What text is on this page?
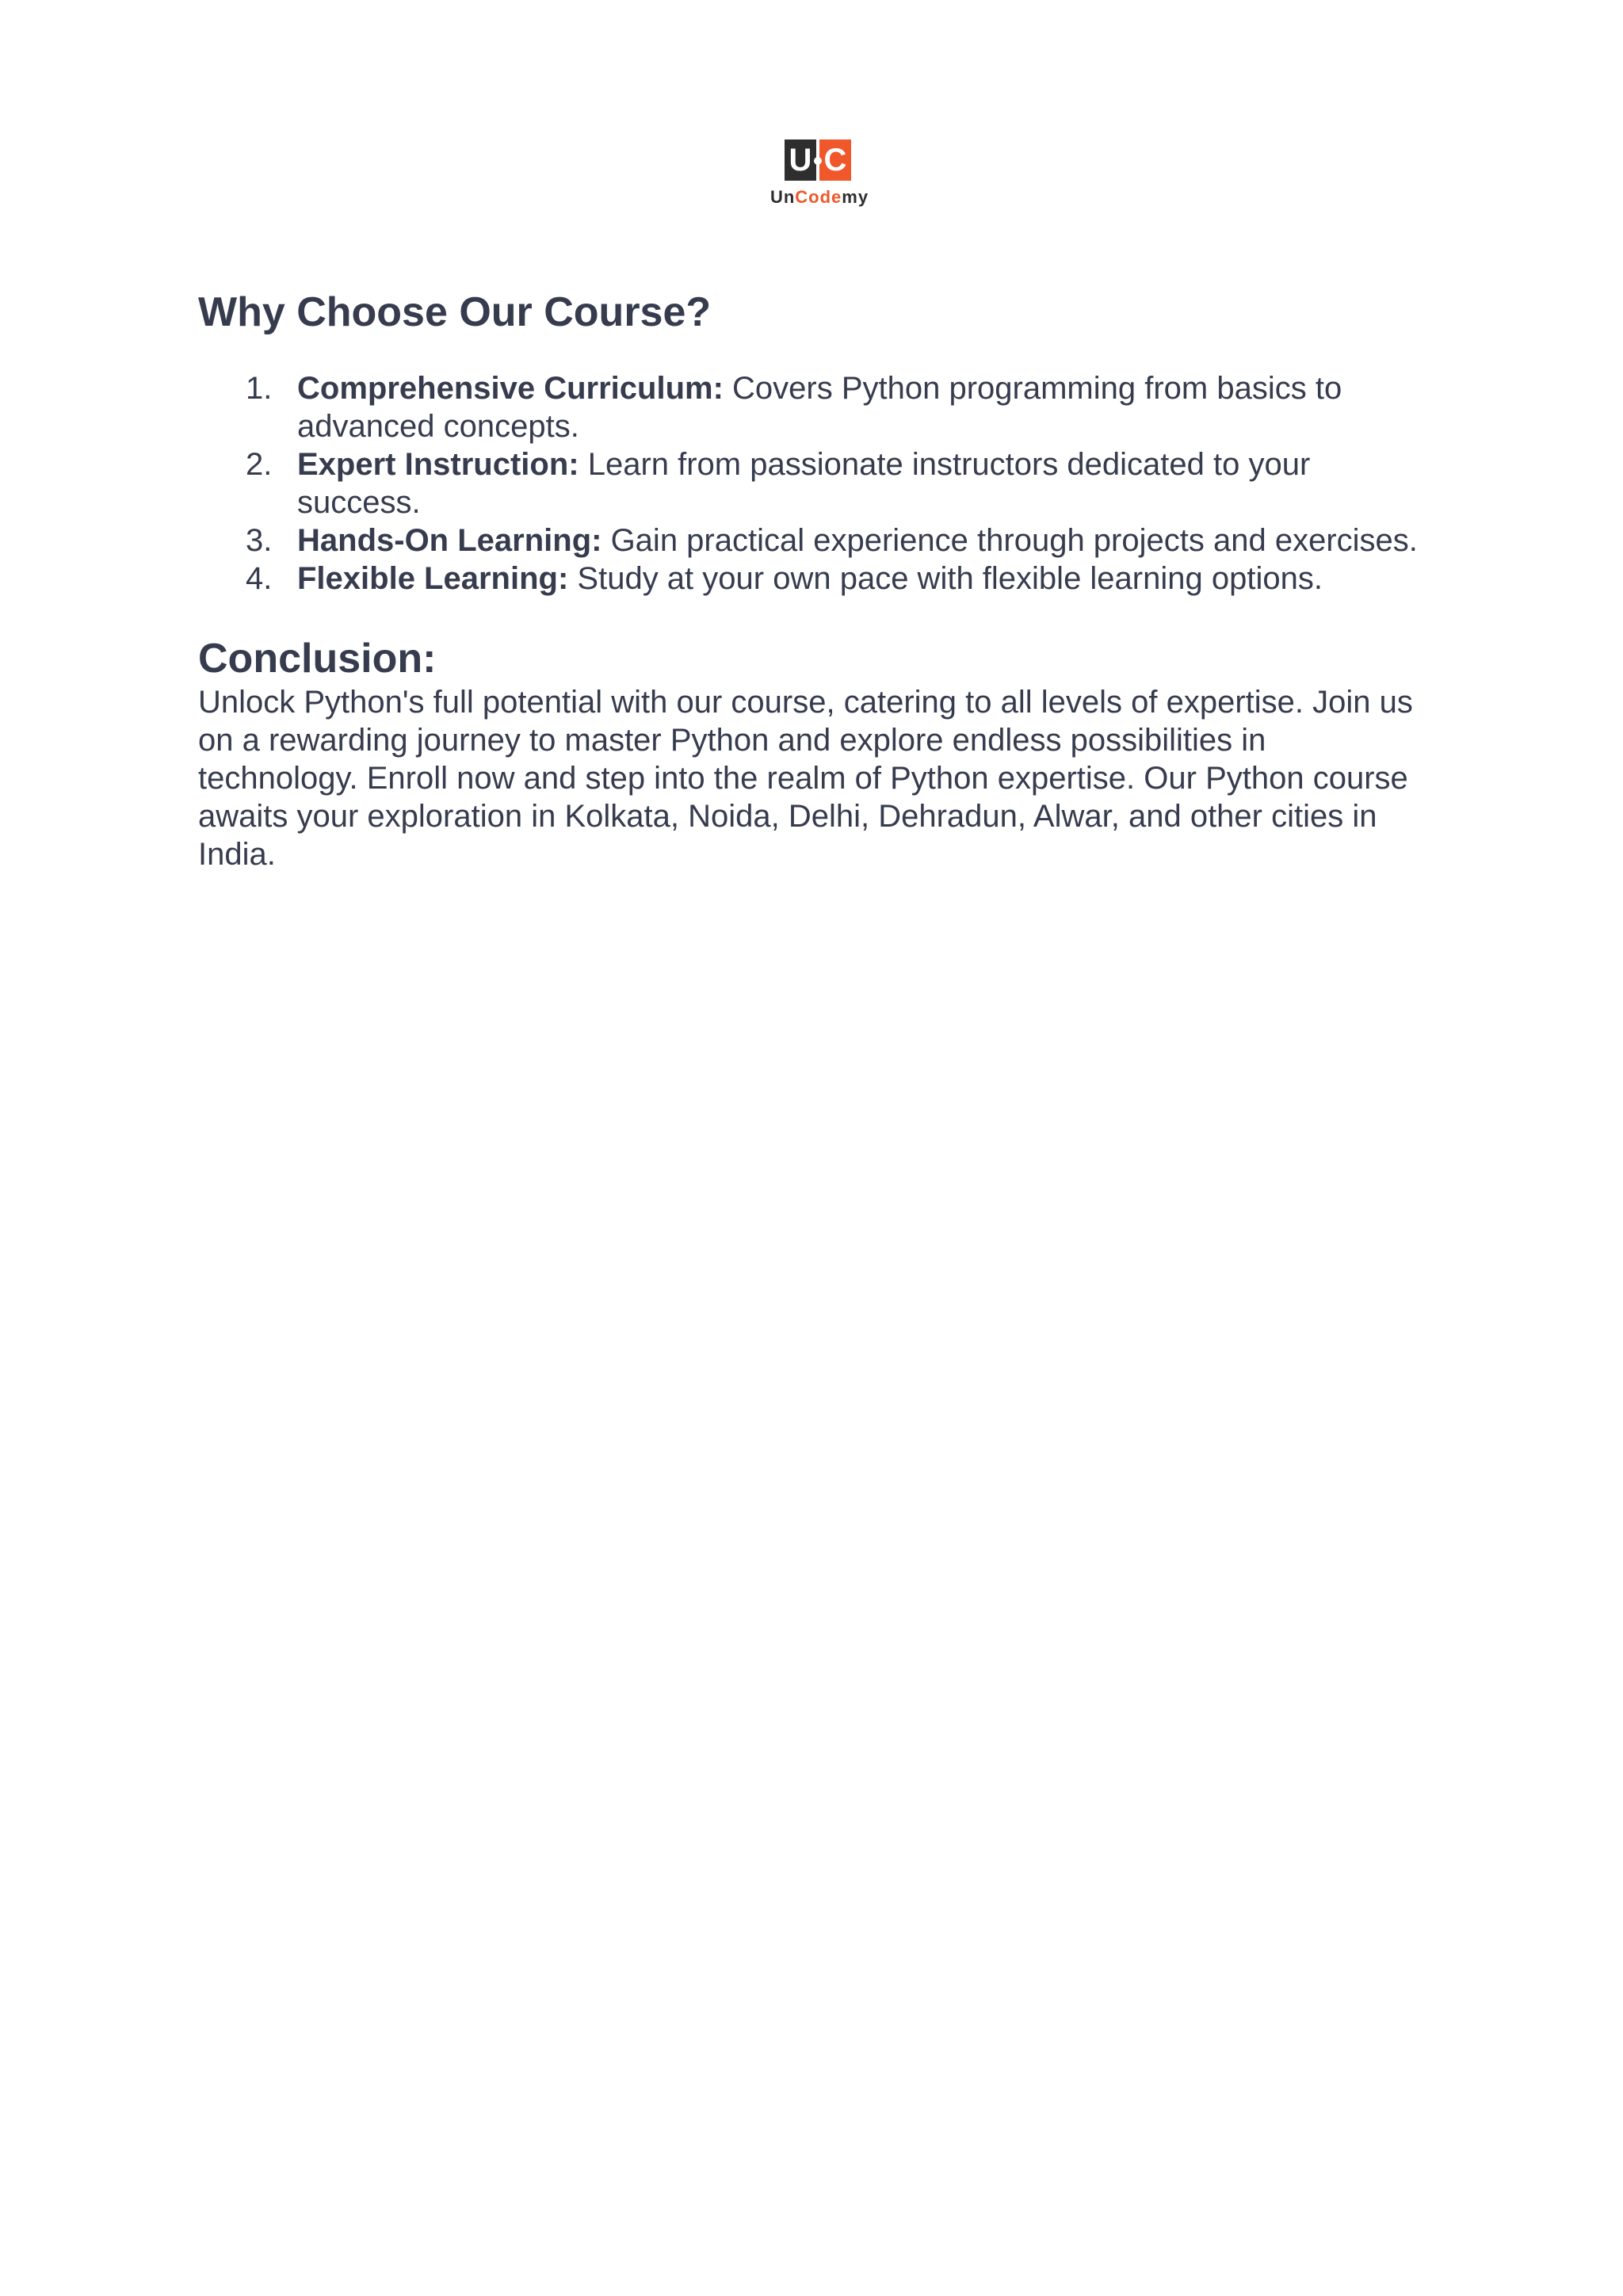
U C
UnCodemy
Why Choose Our Course?
1. Comprehensive Curriculum: Covers Python programming from basics to advanced concepts.
2. Expert Instruction: Learn from passionate instructors dedicated to your success.
3. Hands-On Learning: Gain practical experience through projects and exercises.
4. Flexible Learning: Study at your own pace with flexible learning options.
Conclusion:

Unlock Python's full potential with our course, catering to all levels of expertise. Join us on a rewarding journey to master Python and explore endless possibilities in technology. Enroll now and step into the realm of Python expertise. Our Python course awaits your exploration in Kolkata, Noida, Delhi, Dehradun, Alwar, and other cities in India.
